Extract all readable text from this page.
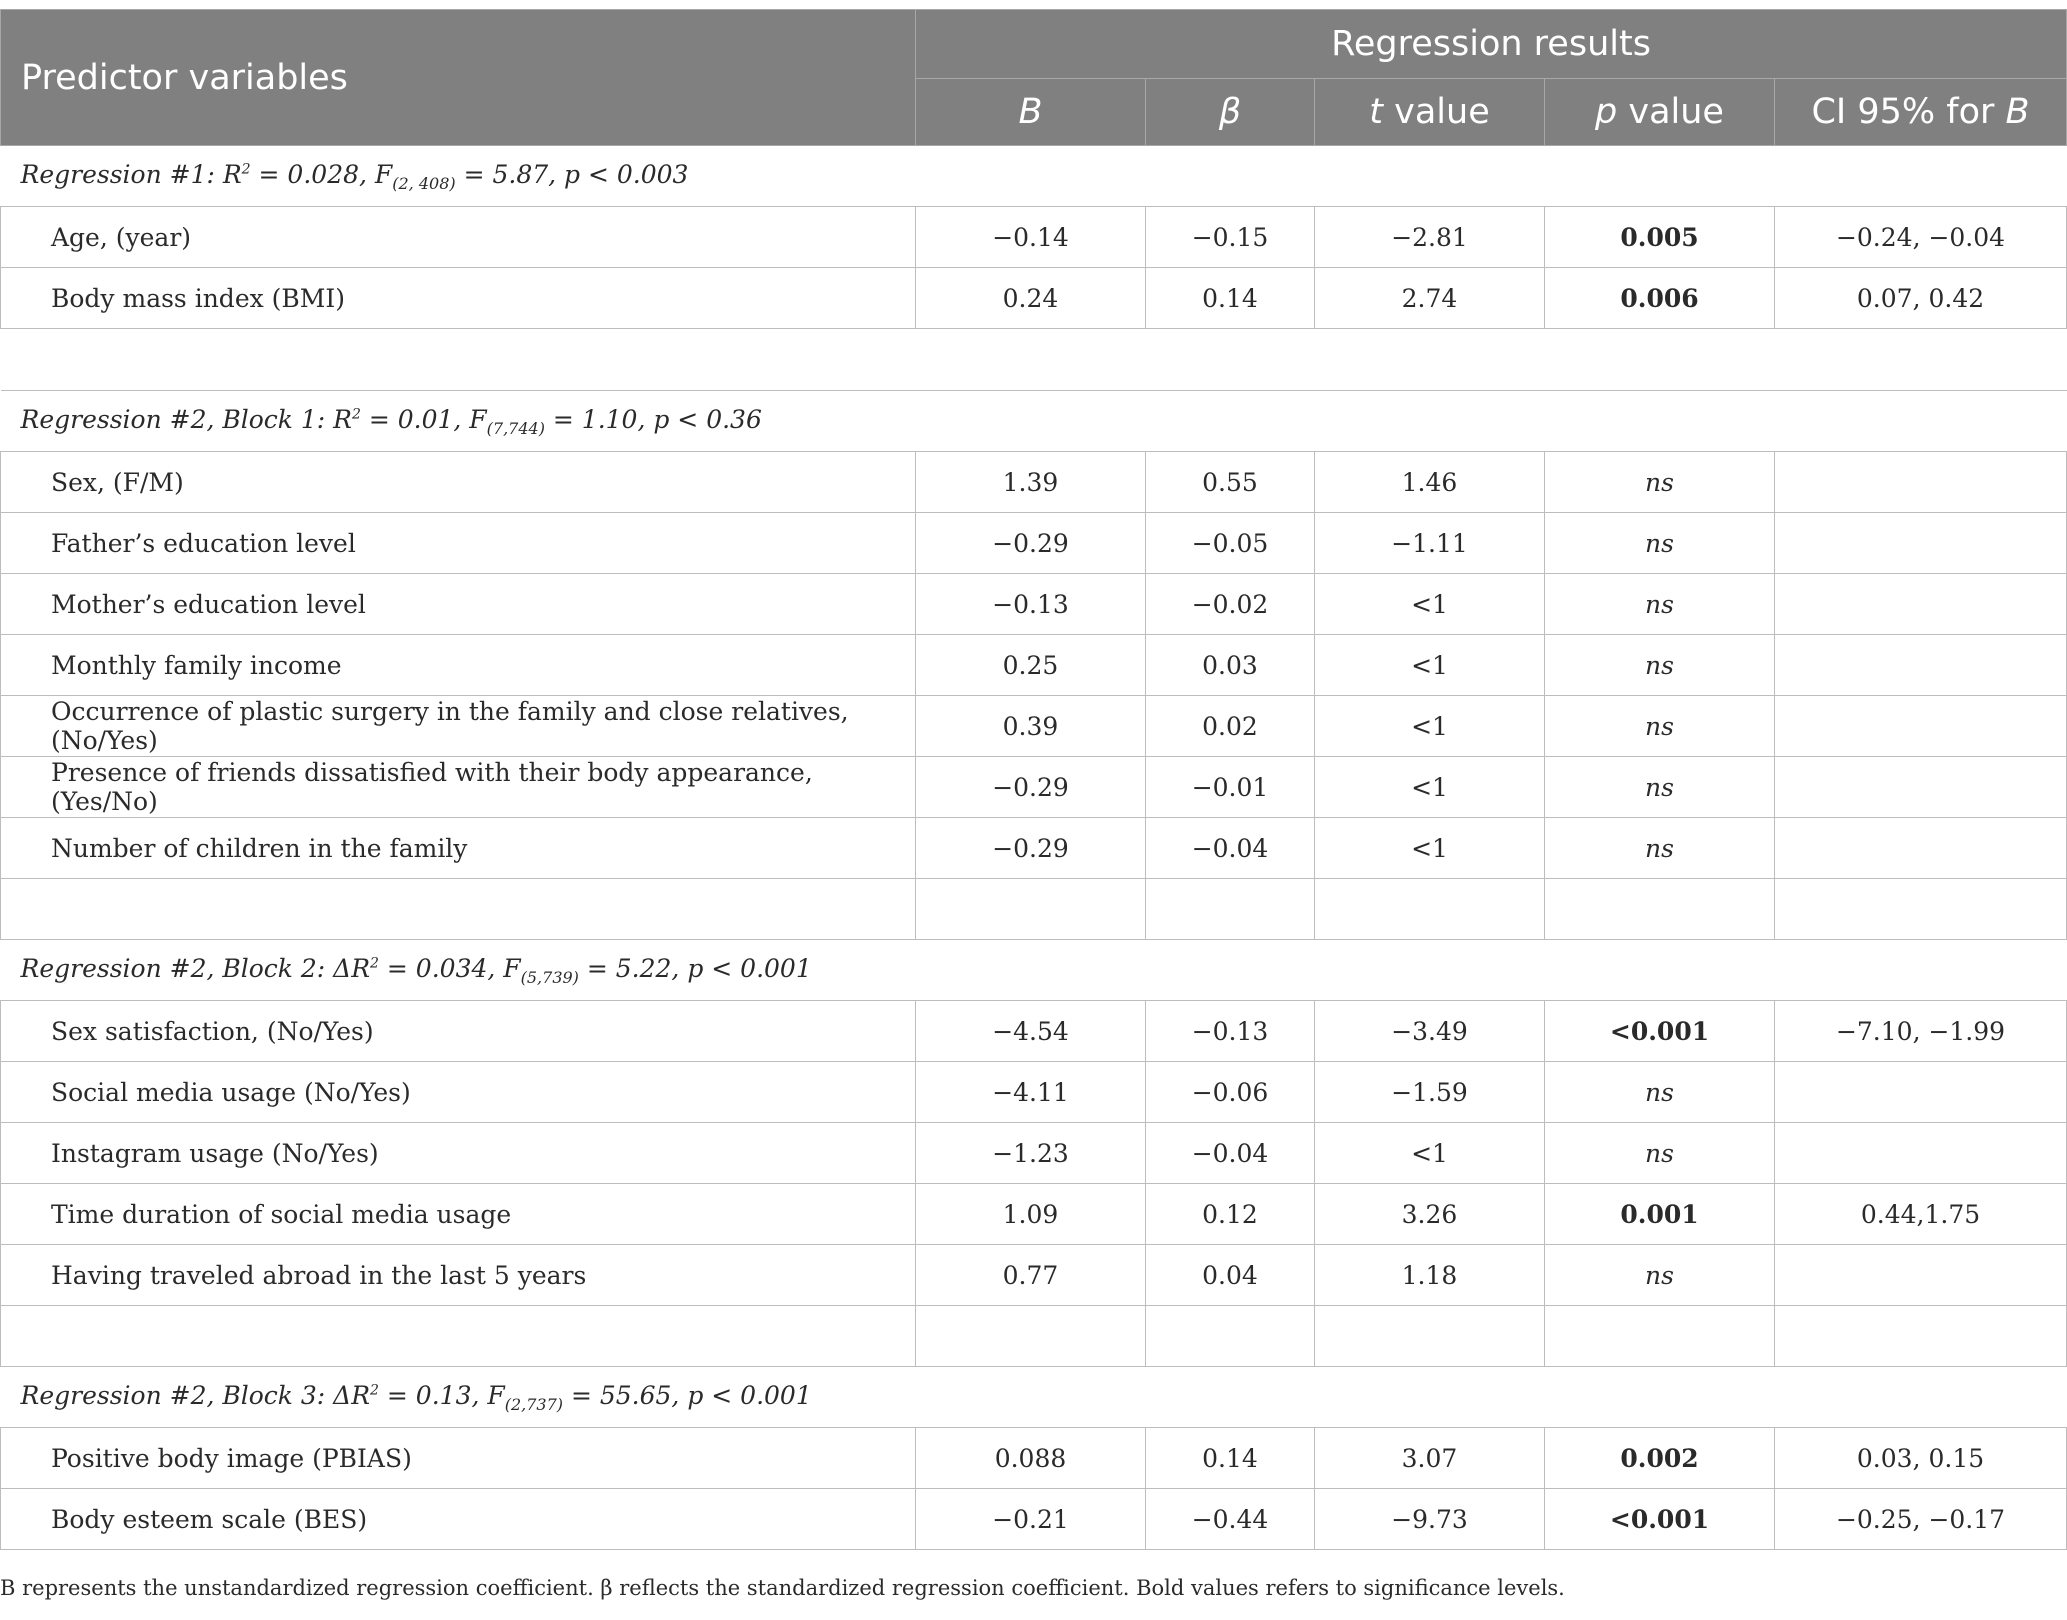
Predictor variables	Regression results				
	B	β	t value	p value	CI 95% for B
Regression #1: $R^2 = 0.028$, $F_{(2, 408)} = 5.87$, p < 0.003					
Age, (year)	−0.14	−0.15	−2.81	0.005	−0.24, −0.04
Body mass index (BMI)	0.24	0.14	2.74	0.006	0.07, 0.42

Regression #2, Block 1: $R^2 = 0.01$, $F_{(7,744)} = 1.10$, p < 0.36					
Sex, (F/M)	1.39	0.55	1.46	ns	
Father’s education level	−0.29	−0.05	−1.11	ns	
Mother’s education level	−0.13	−0.02	<1	ns	
Monthly family income	0.25	0.03	<1	ns	
Occurrence of plastic surgery in the family and close relatives, (No/Yes)	0.39	0.02	<1	ns	
Presence of friends dissatisfied with their body appearance, (Yes/No)	−0.29	−0.01	<1	ns	
Number of children in the family	−0.29	−0.04	<1	ns	

Regression #2, Block 2: $\Delta R^2 = 0.034$, $F_{(5,739)} = 5.22$, p < 0.001					
Sex satisfaction, (No/Yes)	−4.54	−0.13	−3.49	<0.001	−7.10, −1.99
Social media usage (No/Yes)	−4.11	−0.06	−1.59	ns	
Instagram usage (No/Yes)	−1.23	−0.04	<1	ns	
Time duration of social media usage	1.09	0.12	3.26	0.001	0.44,1.75
Having traveled abroad in the last 5 years	0.77	0.04	1.18	ns	

Regression #2, Block 3: $\Delta R^2 = 0.13$, $F_{(2,737)} = 55.65$, p < 0.001					
Positive body image (PBIAS)	0.088	0.14	3.07	0.002	0.03, 0.15
Body esteem scale (BES)	−0.21	−0.44	−9.73	<0.001	−0.25, −0.17
B represents the unstandardized regression coefficient. β reflects the standardized regression coefficient. Bold values refers to significance levels.
